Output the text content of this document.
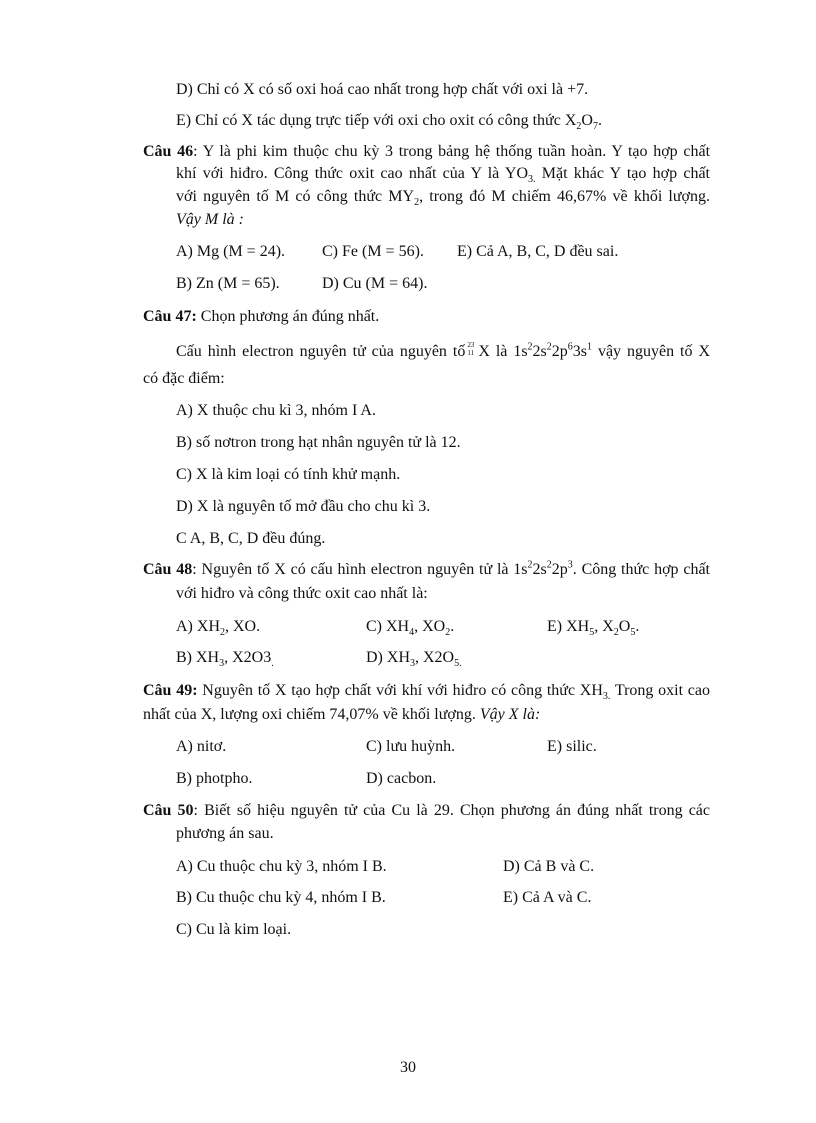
D) Chỉ có X có số oxi hoá cao nhất trong hợp chất với oxi là +7.
E) Chỉ có X tác dụng trực tiếp với oxi cho oxit có công thức $X_2O_7$.
Câu 46: Y là phi kim thuộc chu kỳ 3 trong bảng hệ thống tuần hoàn. Y tạo hợp chất
khí với hiđro. Công thức oxit cao nhất của Y là $YO_{3.}$ Mặt khác Y tạo hợp chất
với nguyên tố M có công thức $MY_2$, trong đó M chiếm 46,67% về khối lượng.
Vậy M là :
A) Mg (M = 24). C) Fe (M = 56). E) Cả A, B, C, D đều sai.
B) Zn (M = 65).	D) Cu (M = 64).
Câu 47: Chọn phương án đúng nhất.
Cấu hình electron nguyên tử của nguyên tố 23
11 X là $1s^22s^22p^63s^1$ vậy nguyên tố X
có đặc điểm:
A) X thuộc chu kì 3, nhóm I A.
B) số nơtron trong hạt nhân nguyên tử là 12.
C) X là kim loại có tính khử mạnh.
D) X là nguyên tố mở đầu cho chu kì 3.
C A, B, C, D đều đúng.
Câu 48: Nguyên tố X có cấu hình electron nguyên tử là $1s^22s^22p^3$. Công thức hợp chất
với hiđro và công thức oxit cao nhất là:
A) $XH_2$, XO.	C) $XH_4$, $XO_2$.	E) $XH_5$, $X_2O_5$.
B) $XH_3$, $X2O3_.$	D) $XH_3$, $X2O_{5.}$
Câu 49: Nguyên tố X tạo hợp chất với khí với hiđro có công thức $XH_{3.}$ Trong oxit cao
nhất của X, lượng oxi chiếm 74,07% về khối lượng. Vậy X là:
A) nitơ.	C) lưu huỳnh.	E) silic.
B) photpho.	D) cacbon.
Câu 50: Biết số hiệu nguyên tử của Cu là 29. Chọn phương án đúng nhất trong các
phương án sau.
A) Cu thuộc chu kỳ 3, nhóm I B.	D) Cả B và C.
B) Cu thuộc chu kỳ 4, nhóm I B.	E) Cả A và C.
C) Cu là kim loại.
30
